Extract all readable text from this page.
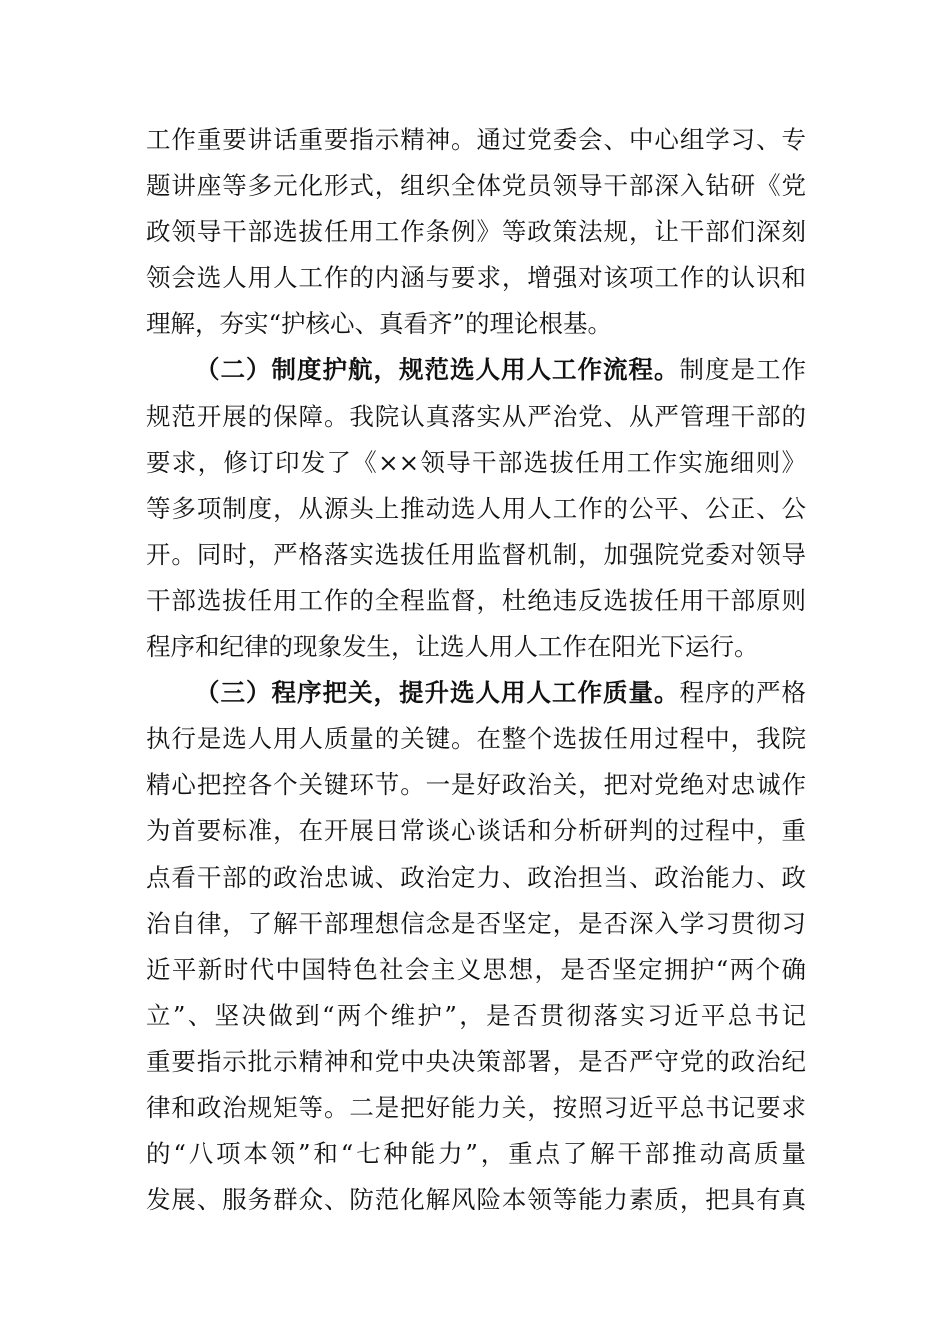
工作重要讲话重要指示精神。通过党委会、中心组学习、专
题讲座等多元化形式，组织全体党员领导干部深入钻研《党
政领导干部选拔任用工作条例》等政策法规，让干部们深刻
领会选人用人工作的内涵与要求，增强对该项工作的认识和
理解，夯实“护核心、真看齐”的理论根基。
（二）制度护航，规范选人用人工作流程。制度是工作
规范开展的保障。我院认真落实从严治党、从严管理干部的
要求，修订印发了《××领导干部选拔任用工作实施细则》
等多项制度，从源头上推动选人用人工作的公平、公正、公
开。同时，严格落实选拔任用监督机制，加强院党委对领导
干部选拔任用工作的全程监督，杜绝违反选拔任用干部原则
程序和纪律的现象发生，让选人用人工作在阳光下运行。
（三）程序把关，提升选人用人工作质量。程序的严格
执行是选人用人质量的关键。在整个选拔任用过程中，我院
精心把控各个关键环节。一是好政治关，把对党绝对忠诚作
为首要标准，在开展日常谈心谈话和分析研判的过程中，重
点看干部的政治忠诚、政治定力、政治担当、政治能力、政
治自律，了解干部理想信念是否坚定，是否深入学习贯彻习
近平新时代中国特色社会主义思想，是否坚定拥护“两个确
立”、坚决做到“两个维护”，是否贯彻落实习近平总书记
重要指示批示精神和党中央决策部署，是否严守党的政治纪
律和政治规矩等。二是把好能力关，按照习近平总书记要求
的“八项本领”和“七种能力”，重点了解干部推动高质量
发展、服务群众、防范化解风险本领等能力素质，把具有真
